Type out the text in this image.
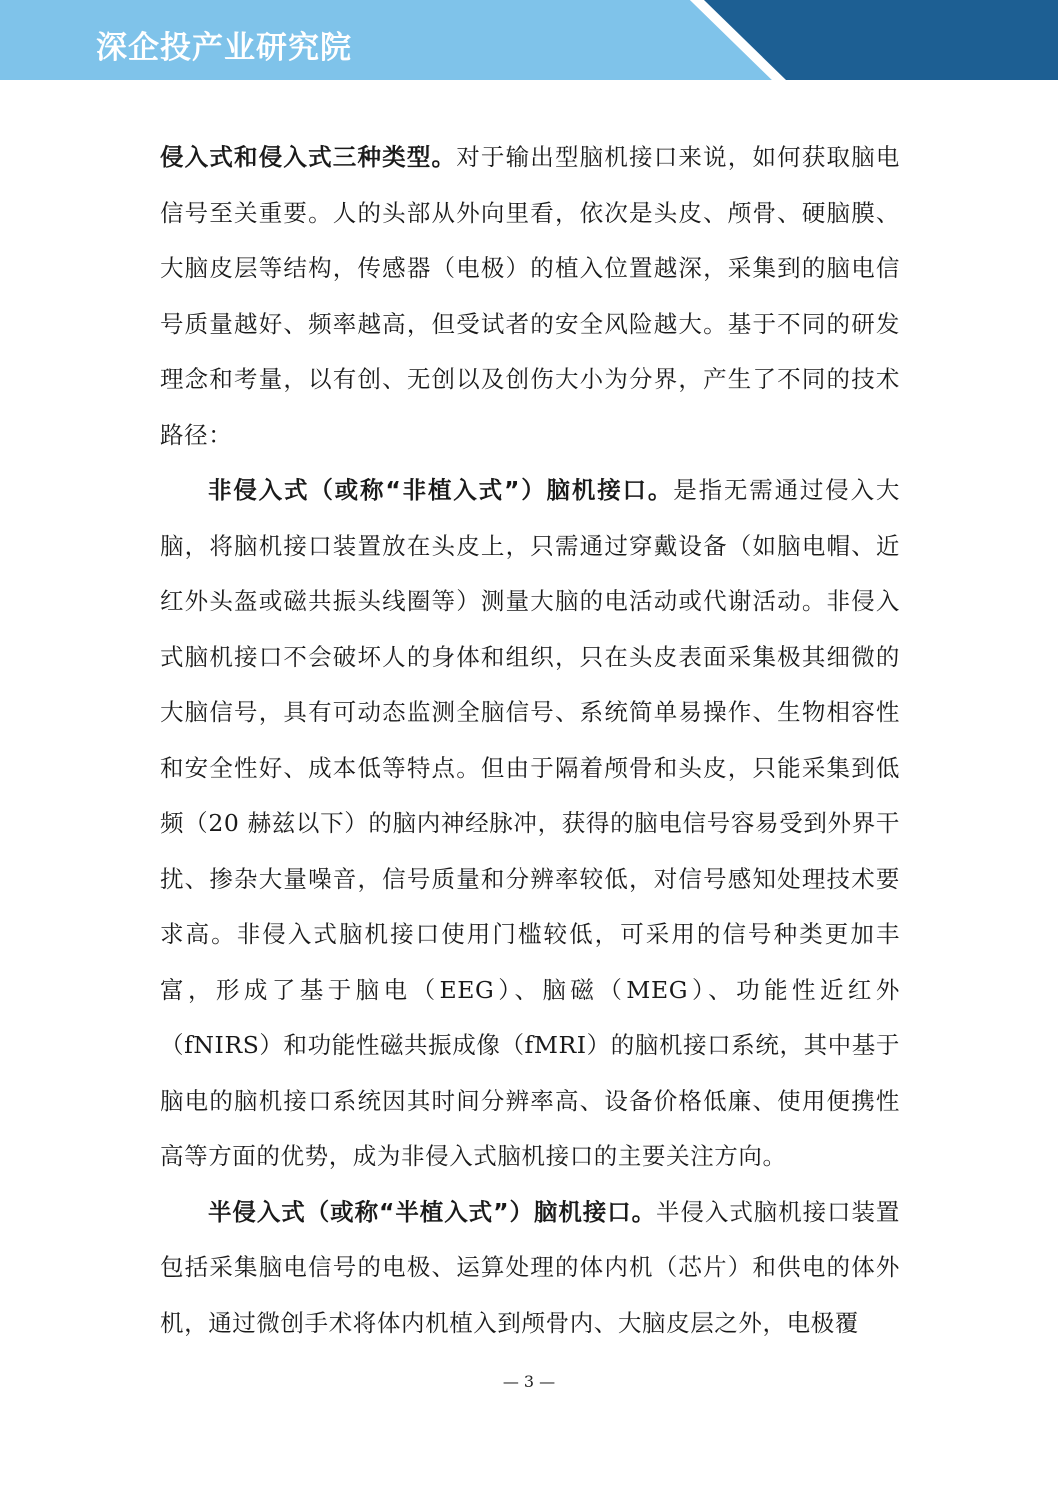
深企投产业研究院

侵入式和侵入式三种类型。对于输出型脑机接口来说，如何获取脑电信号至关重要。人的头部从外向里看，依次是头皮、颅骨、硬脑膜、大脑皮层等结构，传感器（电极）的植入位置越深，采集到的脑电信号质量越好、频率越高，但受试者的安全风险越大。基于不同的研发理念和考量，以有创、无创以及创伤大小为分界，产生了不同的技术路径：

非侵入式（或称“非植入式”）脑机接口。是指无需通过侵入大脑，将脑机接口装置放在头皮上，只需通过穿戴设备（如脑电帽、近红外头盔或磁共振头线圈等）测量大脑的电活动或代谢活动。非侵入式脑机接口不会破坏人的身体和组织，只在头皮表面采集极其细微的大脑信号，具有可动态监测全脑信号、系统简单易操作、生物相容性和安全性好、成本低等特点。但由于隔着颅骨和头皮，只能采集到低频（20 赫兹以下）的脑内神经脉冲，获得的脑电信号容易受到外界干扰、掺杂大量噪音，信号质量和分辨率较低，对信号感知处理技术要求高。非侵入式脑机接口使用门槛较低，可采用的信号种类更加丰富，形成了基于脑电（EEG）、脑磁（MEG）、功能性近红外（fNIRS）和功能性磁共振成像（fMRI）的脑机接口系统，其中基于脑电的脑机接口系统因其时间分辨率高、设备价格低廉、使用便携性高等方面的优势，成为非侵入式脑机接口的主要关注方向。

半侵入式（或称“半植入式”）脑机接口。半侵入式脑机接口装置包括采集脑电信号的电极、运算处理的体内机（芯片）和供电的体外机，通过微创手术将体内机植入到颅骨内、大脑皮层之外，电极覆

— 3 —
